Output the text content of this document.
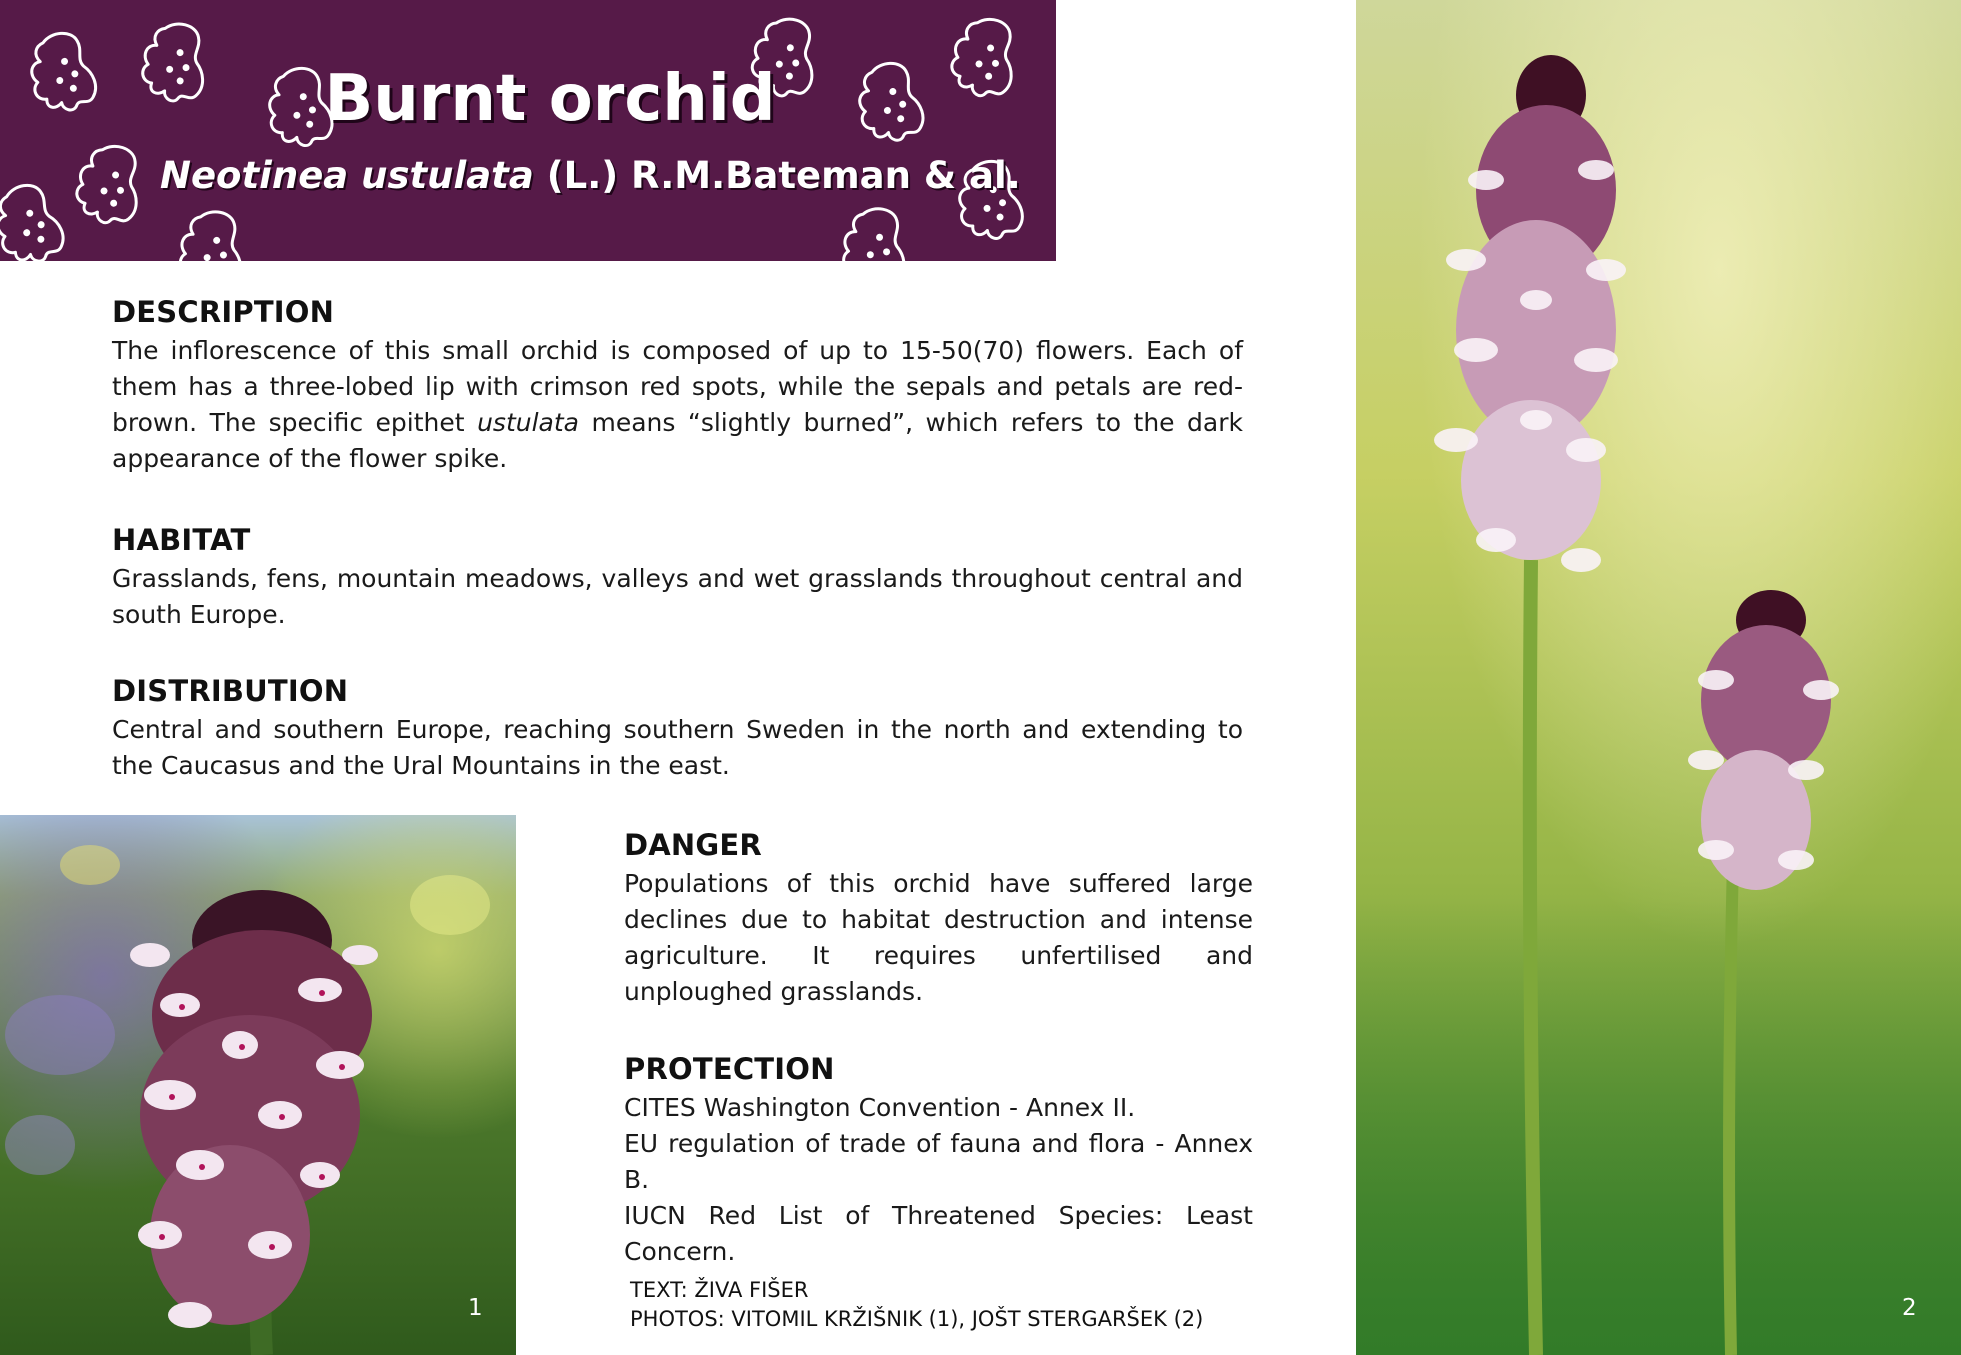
Burnt orchid
Neotinea ustulata (L.) R.M.Bateman & al.
DESCRIPTION

The inflorescence of this small orchid is composed of up to 15-50(70) flowers. Each of them has a three-lobed lip with crimson red spots, while the sepals and petals are red-brown. The specific epithet ustulata means “slightly burned”, which refers to the dark appearance of the flower spike.

HABITAT

Grasslands, fens, mountain meadows, valleys and wet grasslands throughout central and south Europe.

DISTRIBUTION

Central and southern Europe, reaching southern Sweden in the north and extending to the Caucasus and the Ural Mountains in the east.

DANGER

Populations of this orchid have suffered large declines due to habitat destruction and intense agriculture. It requires unfertilised and unploughed grasslands.

PROTECTION
CITES Washington Convention - Annex II.
EU regulation of trade of fauna and flora - Annex B.
IUCN Red List of Threatened Species: Least Concern.
TEXT: ŽIVA FIŠER
PHOTOS: VITOMIL KRŽIŠNIK (1), JOŠT STERGARŠEK (2)
1	2
